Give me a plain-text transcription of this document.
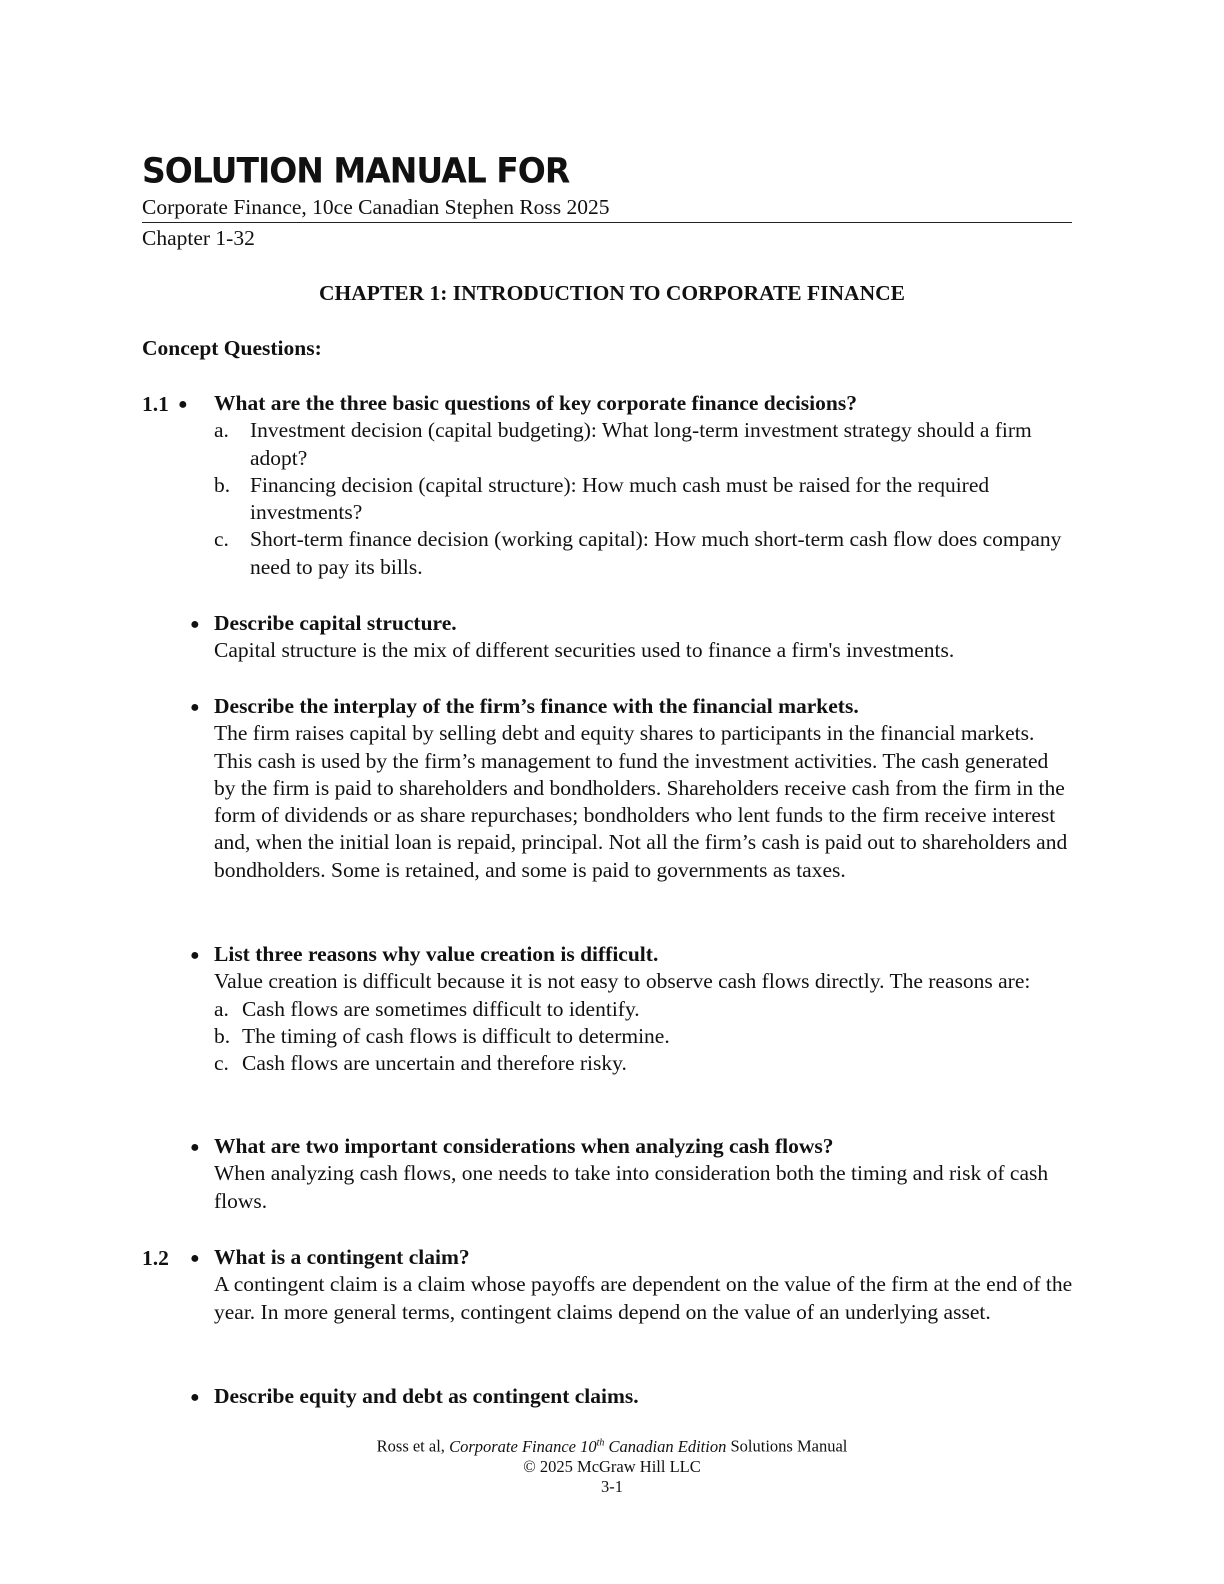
SOLUTION MANUAL FOR
Corporate Finance, 10ce Canadian Stephen Ross 2025
Chapter 1-32
CHAPTER 1: INTRODUCTION TO CORPORATE FINANCE
Concept Questions:
1.1 ● What are the three basic questions of key corporate finance decisions?
a. Investment decision (capital budgeting): What long-term investment strategy should a firm adopt?
b. Financing decision (capital structure): How much cash must be raised for the required investments?
c. Short-term finance decision (working capital): How much short-term cash flow does company need to pay its bills.
● Describe capital structure.

Capital structure is the mix of different securities used to finance a firm's investments.

● Describe the interplay of the firm’s finance with the financial markets.

The firm raises capital by selling debt and equity shares to participants in the financial markets. This cash is used by the firm’s management to fund the investment activities. The cash generated by the firm is paid to shareholders and bondholders. Shareholders receive cash from the firm in the form of dividends or as share repurchases; bondholders who lent funds to the firm receive interest and, when the initial loan is repaid, principal. Not all the firm’s cash is paid out to shareholders and bondholders. Some is retained, and some is paid to governments as taxes.

● List three reasons why value creation is difficult.

Value creation is difficult because it is not easy to observe cash flows directly. The reasons are:

a. Cash flows are sometimes difficult to identify.
b. The timing of cash flows is difficult to determine.
c. Cash flows are uncertain and therefore risky.
● What are two important considerations when analyzing cash flows?

When analyzing cash flows, one needs to take into consideration both the timing and risk of cash flows.

1.2 ● What is a contingent claim?

A contingent claim is a claim whose payoffs are dependent on the value of the firm at the end of the year. In more general terms, contingent claims depend on the value of an underlying asset.

● Describe equity and debt as contingent claims.
Ross et al, Corporate Finance 10th Canadian Edition Solutions Manual
© 2025 McGraw Hill LLC
3-1
